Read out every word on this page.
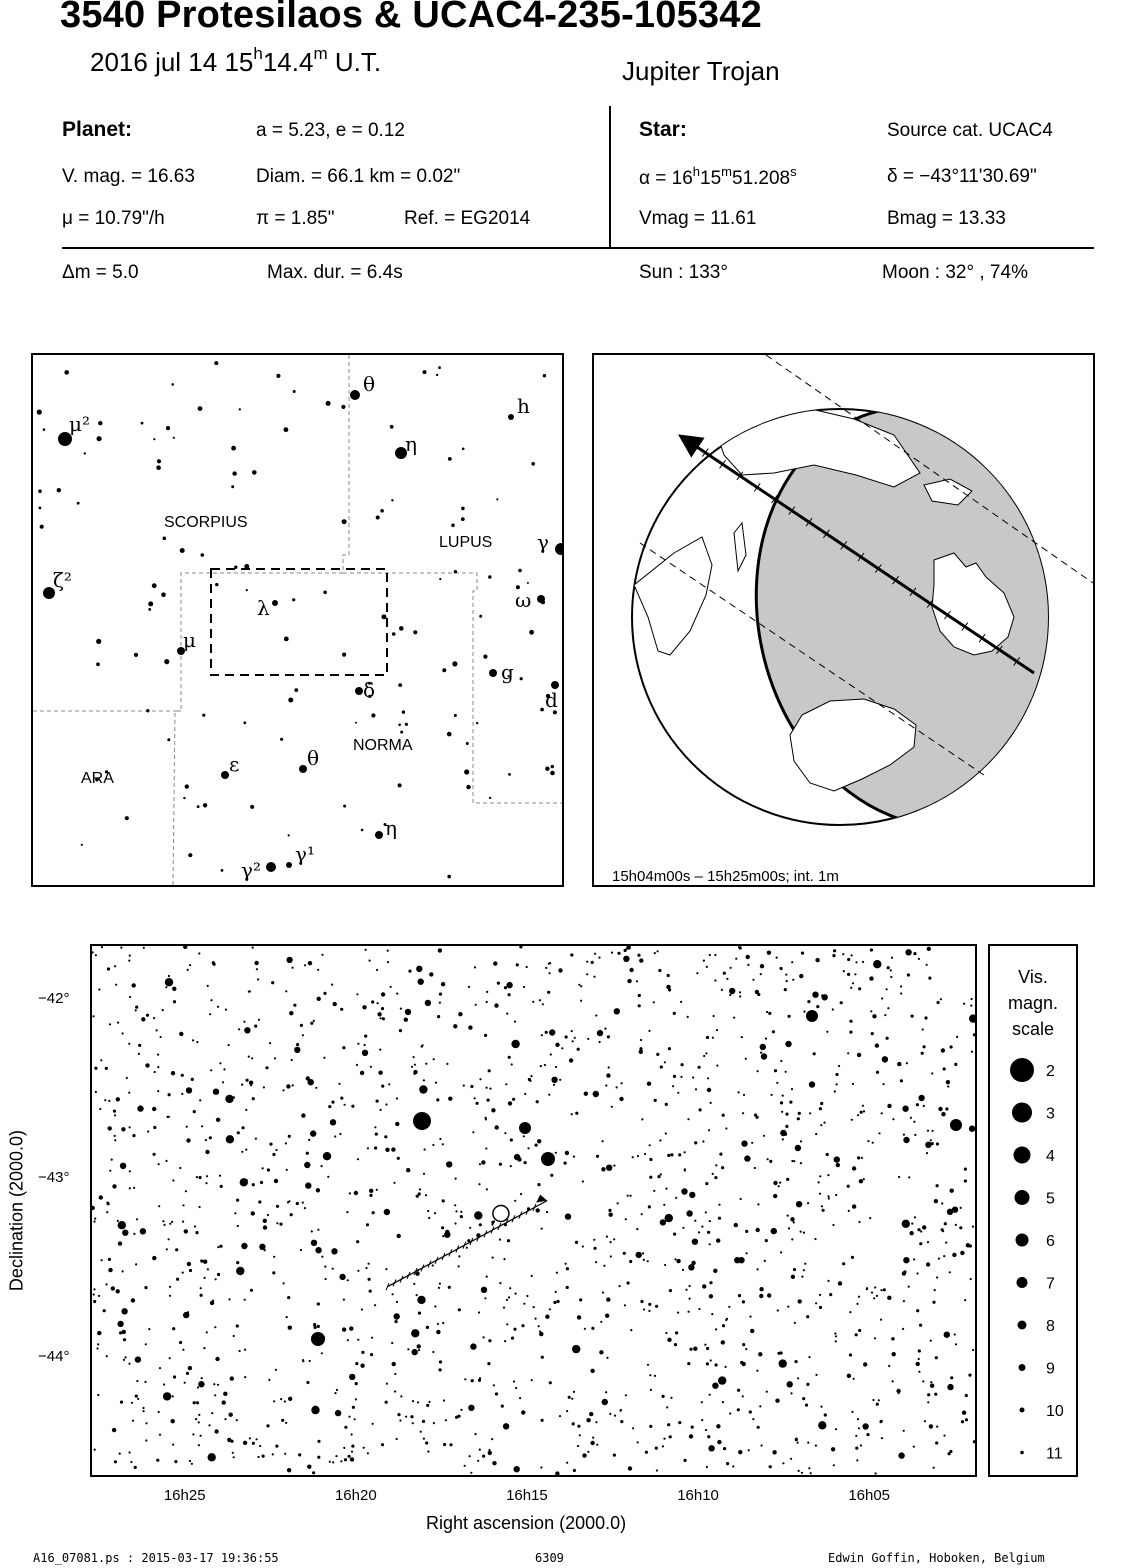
3540 Protesilaos & UCAC4-235-105342
2016 jul 14 15$^h$14.4$^m$ U.T.	Jupiter Trojan
Planet:	a = 5.23, e = 0.12
V. mag. = 16.63	Diam. = 66.1 km = 0.02"
μ = 10.79"/h	π = 1.85"	Ref. = EG2014
Star:	Source cat. UCAC4
$\alpha = 16^h15^m51.208^s$	δ = −43°11'30.69"
Vmag = 11.61	Bmag = 13.33
Δm = 5.0	Max. dur. = 6.4s	Sun : 133°	Moon : 32° , 74%
SCORPIUS
LUPUS
NORMA
ARA
θ
η
h
γ
ω
g
d
δ
λ
μ
ε	θ
η
γ²
γ¹
μ²
ζ²
15h04m00s – 15h25m00s; int. 1m
−42°
−43°
−44°
16h25	16h20	16h15	16h10	16h05
Right ascension (2000.0)
Declination (2000.0)
Vis.
magn.
scale
2
3
4
5
6
7
8
9
10
11
A16_07081.ps : 2015-03-17 19:36:55	6309	Edwin Goffin, Hoboken, Belgium
